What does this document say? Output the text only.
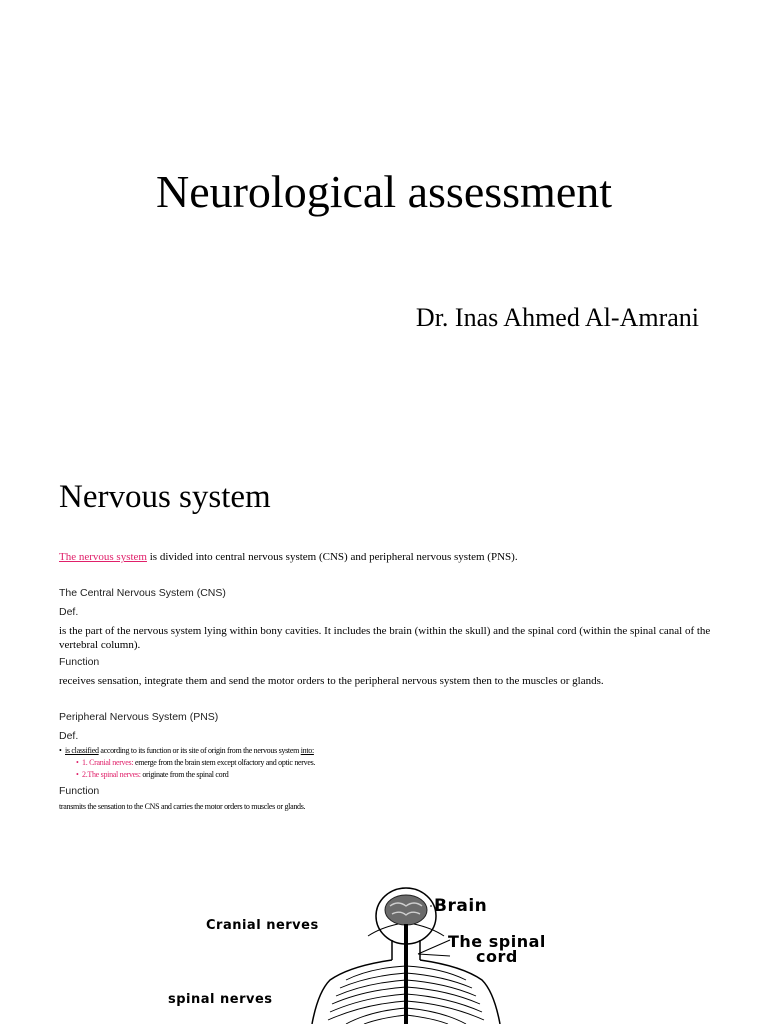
Neurological assessment
Dr. Inas Ahmed Al-Amrani
Nervous system
The nervous system is divided into central nervous system (CNS) and peripheral nervous system (PNS).
The Central Nervous System (CNS)
Def.
is the part of the nervous system lying within bony cavities. It includes the brain (within the skull) and the spinal cord (within the spinal canal of the vertebral column).
Function
receives sensation, integrate them and send the motor orders to the peripheral nervous system then to the muscles or glands.
Peripheral Nervous System (PNS)
Def.
• is classified according to its function or its site of origin from the nervous system into:
• 1. Cranial nerves: emerge from the brain stem except olfactory and optic nerves.
• 2.The spinal nerves: originate from the spinal cord
Function
transmits the sensation to the CNS and carries the motor orders to muscles or glands.
Brain
The spinal
cord
Cranial nerves
spinal nerves
